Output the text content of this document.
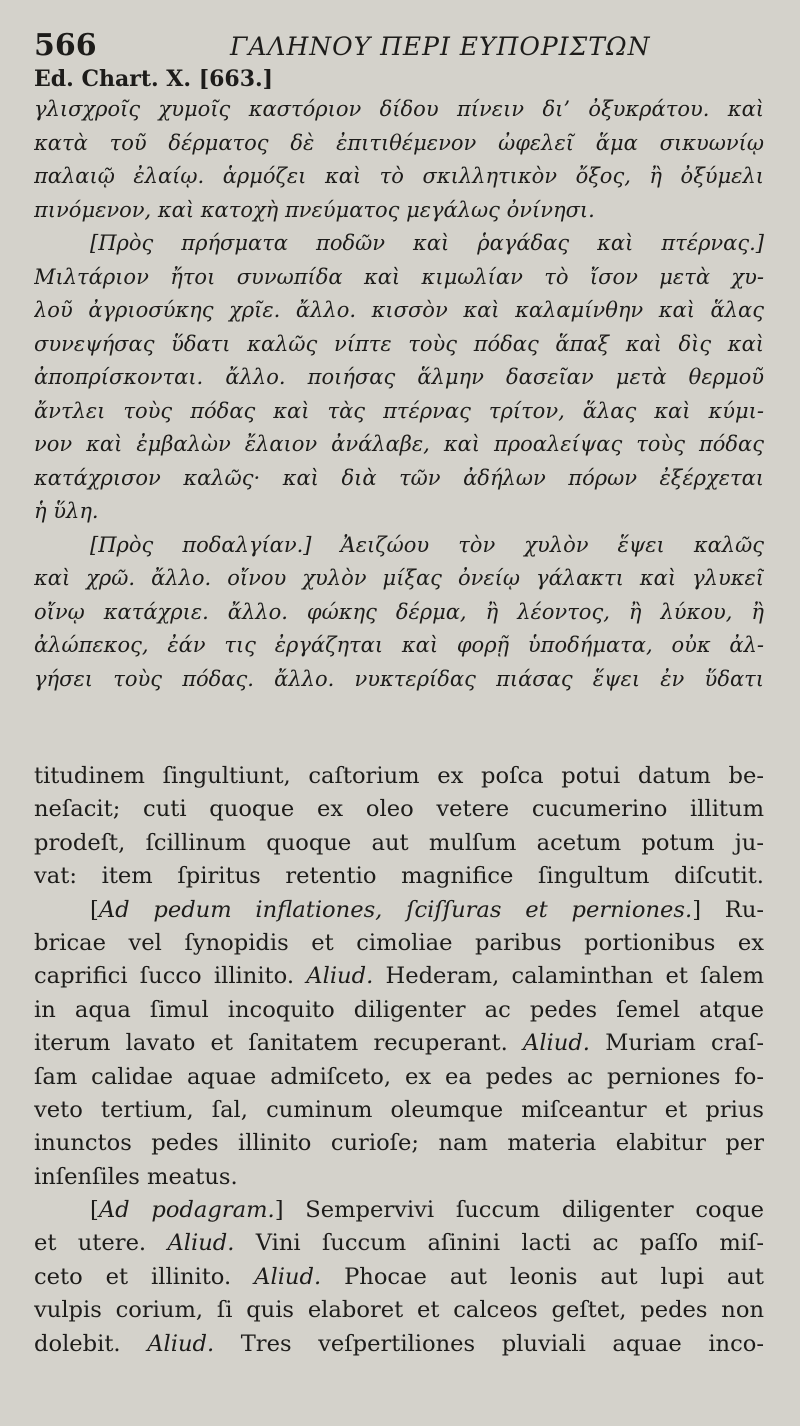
566	ΓΑΛΗΝΟΥ ΠΕΡΙ ΕΥΠΟΡΙΣΤΩΝ
Ed. Chart. X. [663.]
γλισχροῖς χυμοῖς καστόριον δίδου πίνειν δι’ ὀξυκράτου. καὶ
κατὰ τοῦ δέρματος δὲ ἐπιτιθέμενον ὠφελεῖ ἅμα σικυωνίῳ
παλαιῷ ἐλαίῳ. ἁρμόζει καὶ τὸ σκιλλητικὸν ὄξος, ἢ ὀξύμελι
πινόμενον, καὶ κατοχὴ πνεύματος μεγάλως ὀνίνησι.
[Πρὸς πρήσματα ποδῶν καὶ ῥαγάδας καὶ πτέρνας.]
Μιλτάριον ἤτοι συνωπίδα καὶ κιμωλίαν τὸ ἴσον μετὰ χυ-
λοῦ ἀγριοσύκης χρῖε. ἄλλο. κισσὸν καὶ καλαμίνθην καὶ ἅλας
συνεψήσας ὕδατι καλῶς νίπτε τοὺς πόδας ἅπαξ καὶ δὶς καὶ
ἀποπρίσκονται. ἄλλο. ποιήσας ἅλμην δασεῖαν μετὰ θερμοῦ
ἄντλει τοὺς πόδας καὶ τὰς πτέρνας τρίτον, ἅλας καὶ κύμι-
νον καὶ ἐμβαλὼν ἔλαιον ἀνάλαβε, καὶ προαλείψας τοὺς πόδας
κατάχρισον καλῶς· καὶ διὰ τῶν ἀδήλων πόρων ἐξέρχεται
ἡ ὕλη.
[Πρὸς ποδαλγίαν.] Ἀειζώου τὸν χυλὸν ἕψει καλῶς
καὶ χρῶ. ἄλλο. οἴνου χυλὸν μίξας ὀνείῳ γάλακτι καὶ γλυκεῖ
οἴνῳ κατάχριε. ἄλλο. φώκης δέρμα, ἢ λέοντος, ἢ λύκου, ἢ
ἀλώπεκος, ἐάν τις ἐργάζηται καὶ φορῇ ὑποδήματα, οὐκ ἀλ-
γήσει τοὺς πόδας. ἄλλο. νυκτερίδας πιάσας ἕψει ἐν ὕδατι
titudinem ſingultiunt, caſtorium ex poſca potui datum be-
neſacit; cuti quoque ex oleo vetere cucumerino illitum
prodeſt, ſcillinum quoque aut mulſum acetum potum ju-
vat: item ſpiritus retentio magnifice ſingultum diſcutit.
[Ad pedum inflationes, ſciſſuras et perniones.] Ru-
bricae vel ſynopidis et cimoliae paribus portionibus ex
caprifici ſucco illinito. Aliud. Hederam, calaminthan et ſalem
in aqua ſimul incoquito diligenter ac pedes ſemel atque
iterum lavato et ſanitatem recuperant. Aliud. Muriam craſ-
ſam calidae aquae admiſceto, ex ea pedes ac perniones fo-
veto tertium, ſal, cuminum oleumque miſceantur et prius
inunctos pedes illinito curioſe; nam materia elabitur per
inſenſiles meatus.
[Ad podagram.] Sempervivi ſuccum diligenter coque
et utere. Aliud. Vini ſuccum aſinini lacti ac paſſo miſ-
ceto et illinito. Aliud. Phocae aut leonis aut lupi aut
vulpis corium, ſi quis elaboret et calceos geſtet, pedes non
dolebit. Aliud. Tres veſpertiliones pluviali aquae inco-
